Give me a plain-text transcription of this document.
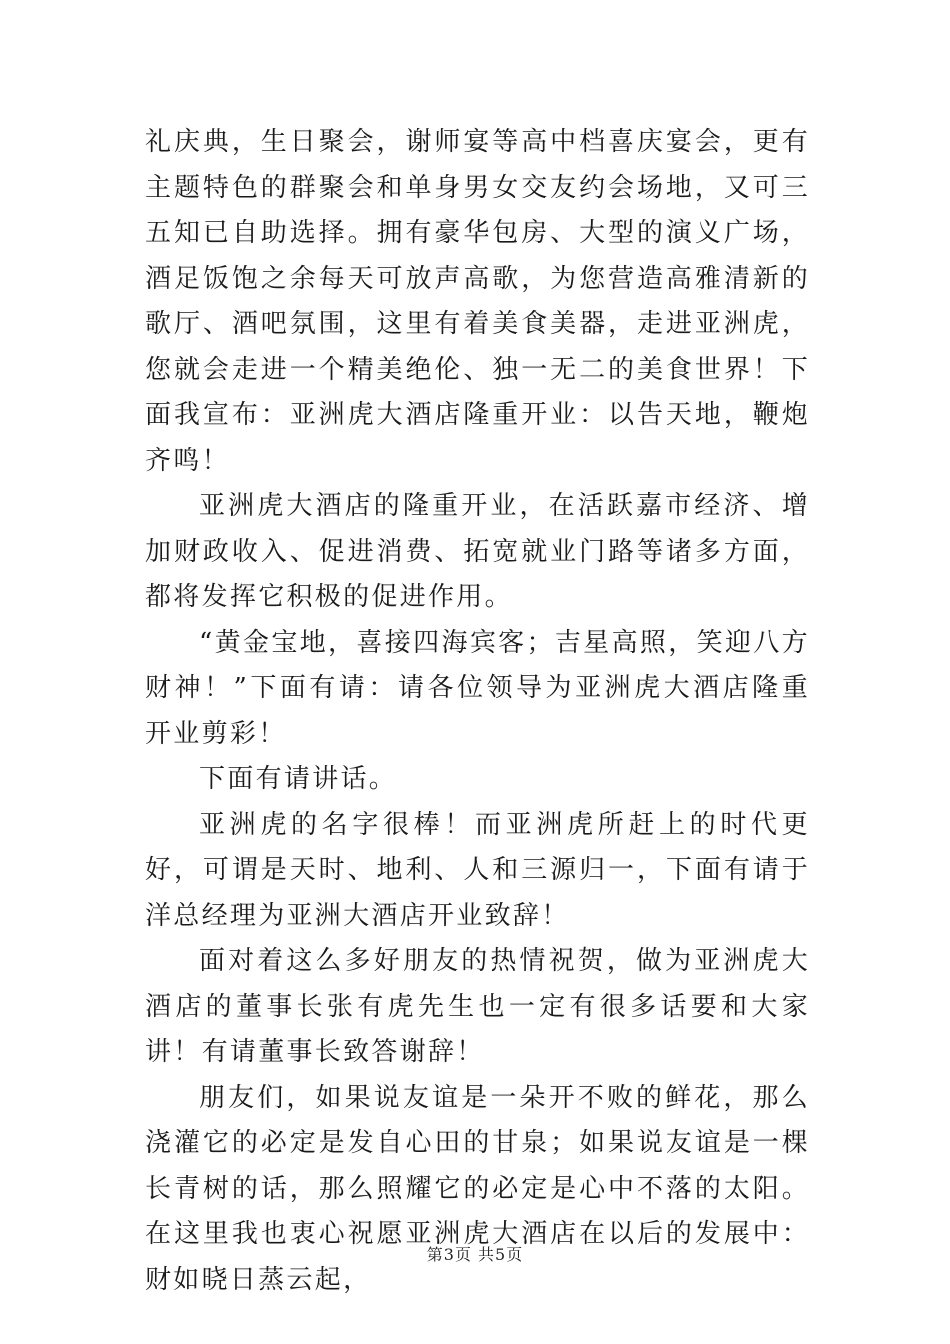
礼庆典，生日聚会，谢师宴等高中档喜庆宴会，更有主题特色的群聚会和单身男女交友约会场地，又可三五知已自助选择。拥有豪华包房、大型的演义广场，酒足饭饱之余每天可放声高歌，为您营造高雅清新的歌厅、酒吧氛围，这里有着美食美器，走进亚洲虎，您就会走进一个精美绝伦、独一无二的美食世界！下面我宣布：亚洲虎大酒店隆重开业：以告天地，鞭炮齐鸣！

亚洲虎大酒店的隆重开业，在活跃嘉市经济、增加财政收入、促进消费、拓宽就业门路等诸多方面，都将发挥它积极的促进作用。

“黄金宝地，喜接四海宾客；吉星高照，笑迎八方财神！”下面有请：请各位领导为亚洲虎大酒店隆重开业剪彩！

下面有请讲话。

亚洲虎的名字很棒！而亚洲虎所赶上的时代更好，可谓是天时、地利、人和三源归一，下面有请于洋总经理为亚洲大酒店开业致辞！

面对着这么多好朋友的热情祝贺，做为亚洲虎大酒店的董事长张有虎先生也一定有很多话要和大家讲！有请董事长致答谢辞！

朋友们，如果说友谊是一朵开不败的鲜花，那么浇灌它的必定是发自心田的甘泉；如果说友谊是一棵长青树的话，那么照耀它的必定是心中不落的太阳。在这里我也衷心祝愿亚洲虎大酒店在以后的发展中：财如晓日蒸云起，

第3页 共5页
